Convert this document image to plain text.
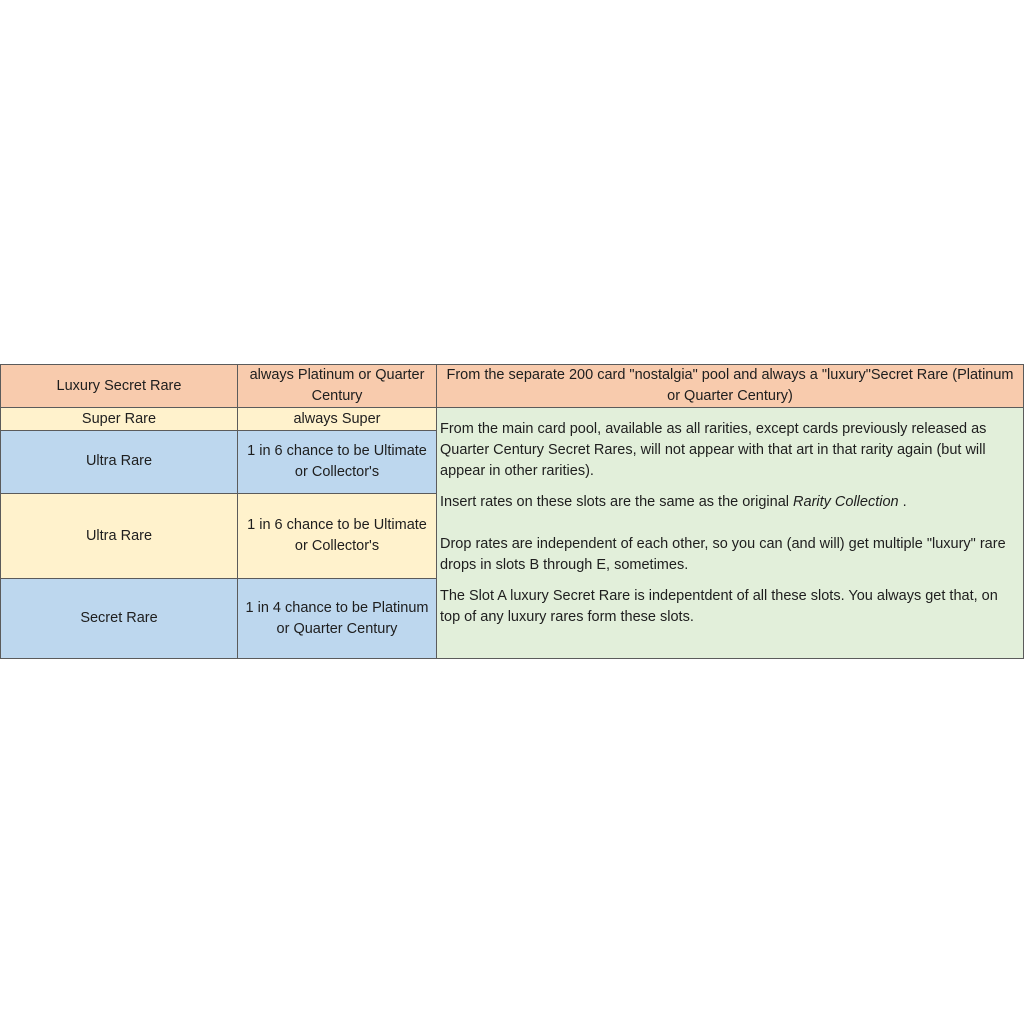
Luxury Secret Rare	always Platinum or Quarter Century	From the separate 200 card "nostalgia" pool and always a "luxury"Secret Rare (Platinum or Quarter Century)
Super Rare	always Super	From the main card pool, available as all rarities, except cards previously released as Quarter Century Secret Rares, will not appear with that art in that rarity again (but will appear in other rarities).
Insert rates on these slots are the same as the original Rarity Collection .
Drop rates are independent of each other, so you can (and will) get multiple "luxury" rare drops in slots B through E, sometimes.
The Slot A luxury Secret Rare is indepentdent of all these slots. You always get that, on top of any luxury rares form these slots.

Ultra Rare	1 in 6 chance to be Ultimate or Collector's	
Ultra Rare	1 in 6 chance to be Ultimate or Collector's	
Secret Rare	1 in 4 chance to be Platinum or Quarter Century	
